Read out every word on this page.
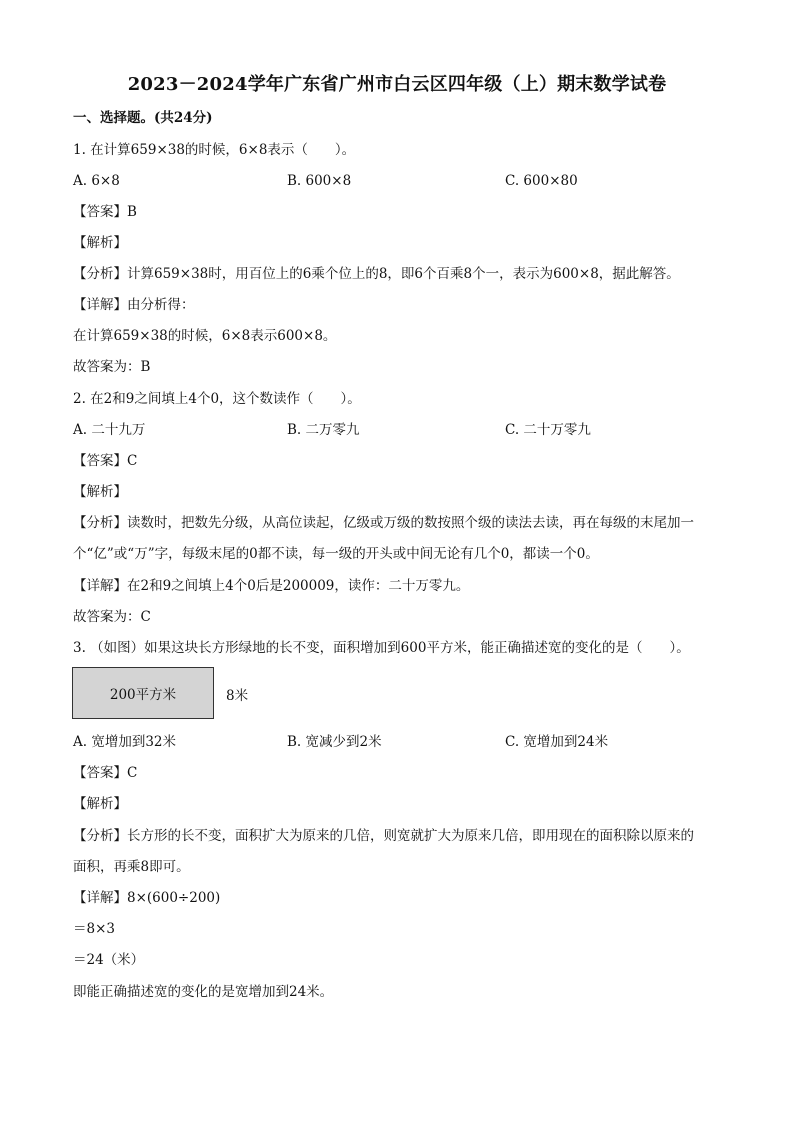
2023－2024学年广东省广州市白云区四年级（上）期末数学试卷
一、选择题。(共24分)
1. 在计算659×38的时候，6×8表示（　　）。
A. 6×8	B. 600×8	C. 600×80
【答案】B
【解析】
【分析】计算659×38时，用百位上的6乘个位上的8，即6个百乘8个一，表示为600×8，据此解答。
【详解】由分析得：
在计算659×38的时候，6×8表示600×8。
故答案为：B
2. 在2和9之间填上4个0，这个数读作（　　）。
A. 二十九万	B. 二万零九	C. 二十万零九
【答案】C
【解析】
【分析】读数时，把数先分级，从高位读起，亿级或万级的数按照个级的读法去读，再在每级的末尾加一
个“亿”或“万”字，每级末尾的0都不读，每一级的开头或中间无论有几个0，都读一个0。
【详解】在2和9之间填上4个0后是200009，读作：二十万零九。
故答案为：C
3. （如图）如果这块长方形绿地的长不变，面积增加到600平方米，能正确描述宽的变化的是（　　）。
200平方米	8米
A. 宽增加到32米	B. 宽减少到2米	C. 宽增加到24米
【答案】C
【解析】
【分析】长方形的长不变，面积扩大为原来的几倍，则宽就扩大为原来几倍，即用现在的面积除以原来的
面积，再乘8即可。
【详解】8×(600÷200)
＝8×3
＝24（米）
即能正确描述宽的变化的是宽增加到24米。
